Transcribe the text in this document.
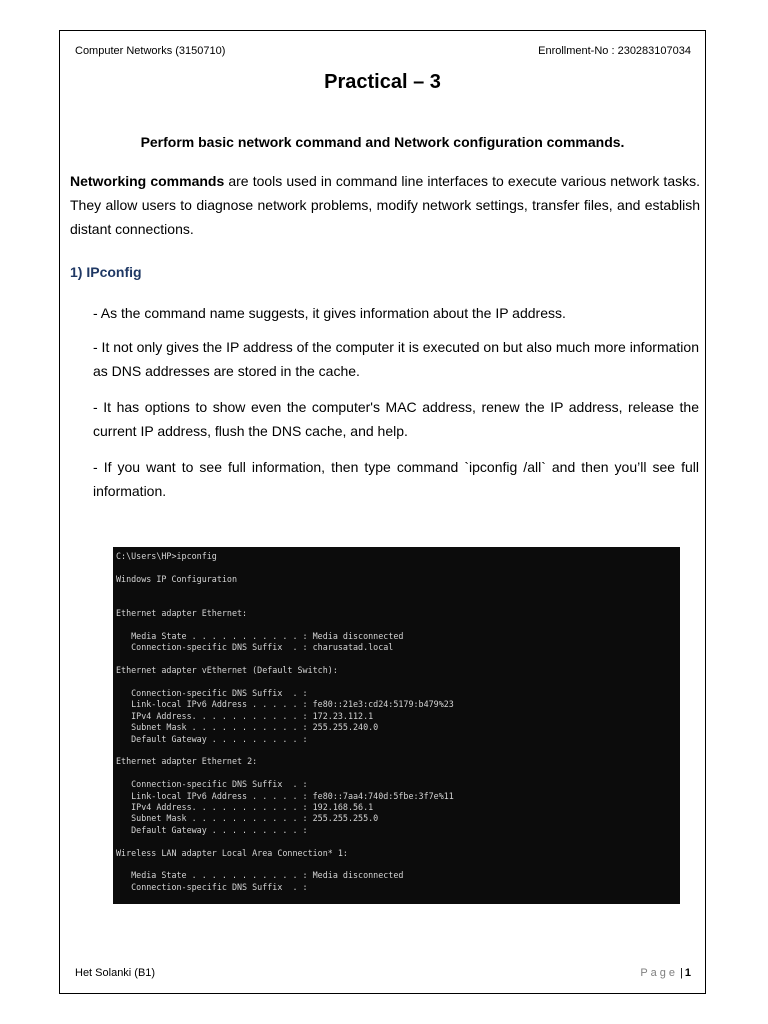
Computer Networks (3150710)	Enrollment-No : 230283107034
Practical – 3
Perform basic network command and Network configuration commands.

Networking commands are tools used in command line interfaces to execute various network tasks. They allow users to diagnose network problems, modify network settings, transfer files, and establish distant connections.

1) IPconfig

- As the command name suggests, it gives information about the IP address.

- It not only gives the IP address of the computer it is executed on but also much more information as DNS addresses are stored in the cache.

- It has options to show even the computer's MAC address, renew the IP address, release the current IP address, flush the DNS cache, and help.

- If you want to see full information, then type command `ipconfig /all` and then you’ll see full information.

C:\Users\HP>ipconfig

Windows IP Configuration

Ethernet adapter Ethernet:

Media State . . . . . . . . . . . : Media disconnected
Connection-specific DNS Suffix  . : charusatad.local

Ethernet adapter vEthernet (Default Switch):

Connection-specific DNS Suffix  . :
Link-local IPv6 Address . . . . . : fe80::21e3:cd24:5179:b479%23
IPv4 Address. . . . . . . . . . . : 172.23.112.1
Subnet Mask . . . . . . . . . . . : 255.255.240.0
Default Gateway . . . . . . . . . :

Ethernet adapter Ethernet 2:

Connection-specific DNS Suffix  . :
Link-local IPv6 Address . . . . . : fe80::7aa4:740d:5fbe:3f7e%11
IPv4 Address. . . . . . . . . . . : 192.168.56.1
Subnet Mask . . . . . . . . . . . : 255.255.255.0
Default Gateway . . . . . . . . . :

Wireless LAN adapter Local Area Connection* 1:

Media State . . . . . . . . . . . : Media disconnected
Connection-specific DNS Suffix  . :
Het Solanki (B1)	Page | 1
